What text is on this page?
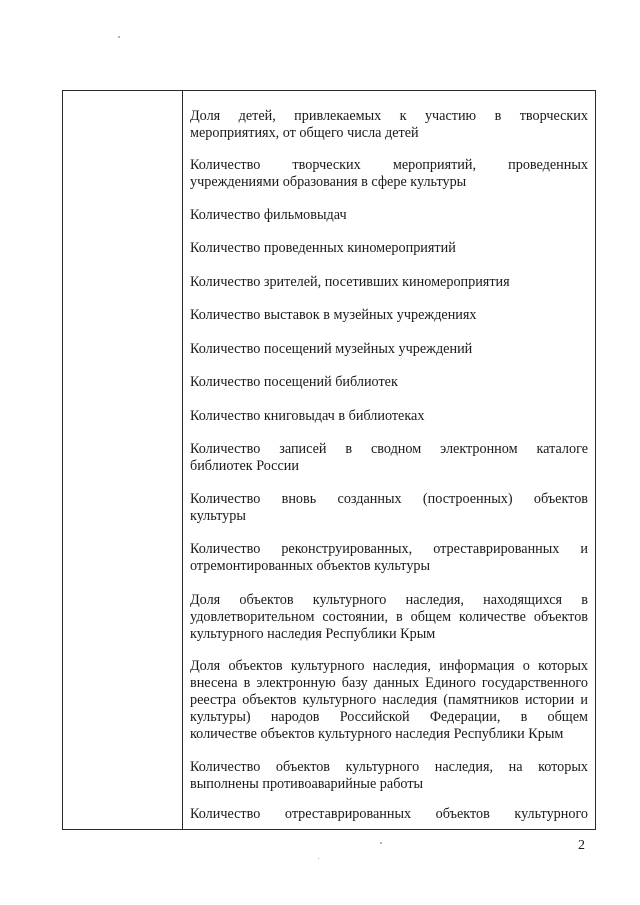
Доля детей, привлекаемых к участию в творческих
мероприятиях, от общего числа детей
Количество творческих мероприятий, проведенных
учреждениями образования в сфере культуры
Количество фильмовыдач
Количество проведенных киномероприятий
Количество зрителей, посетивших киномероприятия
Количество выставок в музейных учреждениях
Количество посещений музейных учреждений
Количество посещений библиотек
Количество книговыдач в библиотеках
Количество записей в сводном электронном каталоге
библиотек России
Количество вновь созданных (построенных) объектов
культуры
Количество реконструированных, отреставрированных и
отремонтированных объектов культуры
Доля объектов культурного наследия, находящихся в
удовлетворительном состоянии, в общем количестве объектов
культурного наследия Республики Крым
Доля объектов культурного наследия, информация о которых
внесена в электронную базу данных Единого государственного
реестра объектов культурного наследия (памятников истории и
культуры) народов Российской Федерации, в общем
количестве объектов культурного наследия Республики Крым
Количество объектов культурного наследия, на которых
выполнены противоаварийные работы
Количество отреставрированных объектов культурного
2
